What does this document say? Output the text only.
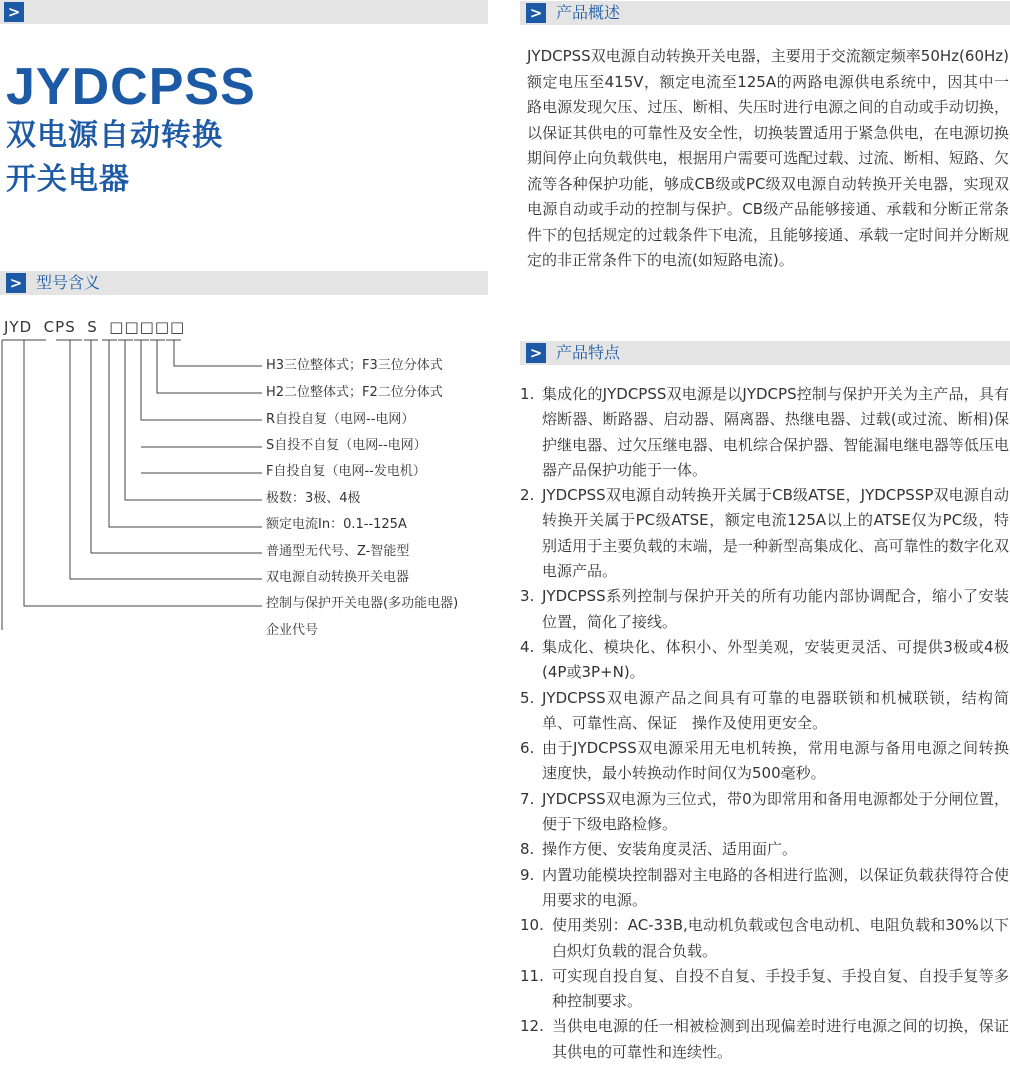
>
JYDCPSS
双电源自动转换
开关电器
> 型号含义
JYD  CPS  S  □□□□□
H3三位整体式；F3三位分体式
H2二位整体式；F2二位分体式
R自投自复（电网--电网）
S自投不自复（电网--电网）
F自投自复（电网--发电机）
极数：3极、4极
额定电流In：0.1--125A
普通型无代号、Z-智能型
双电源自动转换开关电器
控制与保护开关电器(多功能电器)
企业代号
> 产品概述

JYDCPSS双电源自动转换开关电器，主要用于交流额定频率50Hz(60Hz)额定电压至415V，额定电流至125A的两路电源供电系统中，因其中一路电源发现欠压、过压、断相、失压时进行电源之间的自动或手动切换，以保证其供电的可靠性及安全性，切换装置适用于紧急供电，在电源切换期间停止向负载供电，根据用户需要可选配过载、过流、断相、短路、欠流等各种保护功能，够成CB级或PC级双电源自动转换开关电器，实现双电源自动或手动的控制与保护。CB级产品能够接通、承载和分断正常条件下的包括规定的过载条件下电流，且能够接通、承载一定时间并分断规定的非正常条件下的电流(如短路电流)。

> 产品特点
1. 集成化的JYDCPSS双电源是以JYDCPS控制与保护开关为主产品，具有熔断器、断路器、启动器、隔离器、热继电器、过载(或过流、断相)保护继电器、过欠压继电器、电机综合保护器、智能漏电继电器等低压电器产品保护功能于一体。
2. JYDCPSS双电源自动转换开关属于CB级ATSE，JYDCPSSP双电源自动转换开关属于PC级ATSE，额定电流125A以上的ATSE仅为PC级，特别适用于主要负载的末端，是一种新型高集成化、高可靠性的数字化双电源产品。
3. JYDCPSS系列控制与保护开关的所有功能内部协调配合，缩小了安装位置，简化了接线。
4. 集成化、模块化、体积小、外型美观，安装更灵活、可提供3极或4极(4P或3P+N)。
5. JYDCPSS双电源产品之间具有可靠的电器联锁和机械联锁，结构简单、可靠性高、保证　操作及使用更安全。
6. 由于JYDCPSS双电源采用无电机转换，常用电源与备用电源之间转换速度快，最小转换动作时间仅为500毫秒。
7. JYDCPSS双电源为三位式，带0为即常用和备用电源都处于分闸位置，便于下级电路检修。
8. 操作方便、安装角度灵活、适用面广。
9. 内置功能模块控制器对主电路的各相进行监测，以保证负载获得符合使用要求的电源。
10. 使用类别：AC-33B,电动机负载或包含电动机、电阻负载和30%以下白炽灯负载的混合负载。
11. 可实现自投自复、自投不自复、手投手复、手投自复、自投手复等多种控制要求。
12. 当供电电源的任一相被检测到出现偏差时进行电源之间的切换，保证其供电的可靠性和连续性。
